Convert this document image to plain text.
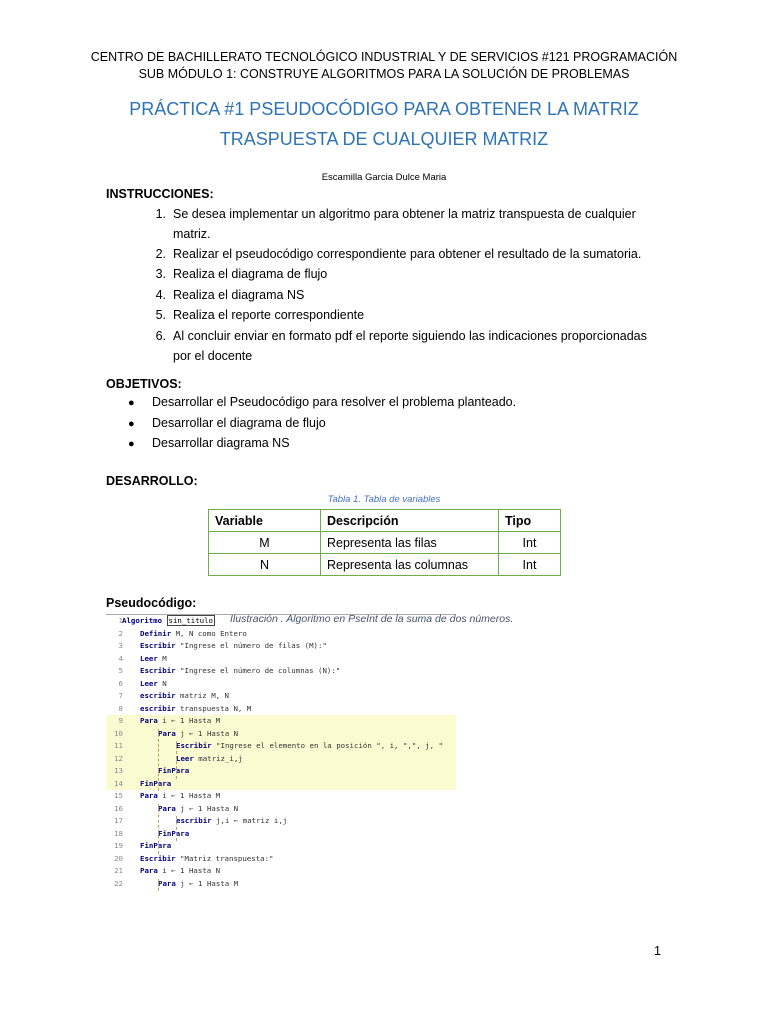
CENTRO DE BACHILLERATO TECNOLÓGICO INDUSTRIAL Y DE SERVICIOS #121 PROGRAMACIÓN
SUB MÓDULO 1: CONSTRUYE ALGORITMOS PARA LA SOLUCIÓN DE PROBLEMAS
PRÁCTICA #1 PSEUDOCÓDIGO PARA OBTENER LA MATRIZ
TRASPUESTA DE CUALQUIER MATRIZ
Escamilla Garcia Dulce Maria
INSTRUCCIONES:
1. Se desea implementar un algoritmo para obtener la matriz transpuesta de cualquier
matriz.
2. Realizar el pseudocódigo correspondiente para obtener el resultado de la sumatoria.
3. Realiza el diagrama de flujo
4. Realiza el diagrama NS
5. Realiza el reporte correspondiente
6. Al concluir enviar en formato pdf el reporte siguiendo las indicaciones proporcionadas
por el docente
OBJETIVOS:
● Desarrollar el Pseudocódigo para resolver el problema planteado.
● Desarrollar el diagrama de flujo
● Desarrollar diagrama NS
DESARROLLO:
Tabla 1. Tabla de variables
Variable	Descripción	Tipo
M	Representa las filas	Int
N	Representa las columnas	Int
Pseudocódigo:
1 Algoritmo sin_titulo
2 Definir M, N como Entero
3 Escribir "Ingrese el número de filas (M):"
4 Leer M
5 Escribir "Ingrese el número de columnas (N):"
6 Leer N
7 escribir matriz M, N
8 escribir transpuesta N, M
9 Para i ← 1 Hasta M
10	Para j ← 1 Hasta N
11	Escribir "Ingrese el elemento en la posición ", i, ",", j, "
12	Leer matriz_i,j
13	FinPara
14 FinPara
15 Para i ← 1 Hasta M
16	Para j ← 1 Hasta N
17	escribir j,i ← matriz i,j
18	FinPara
19 FinPara
20 Escribir "Matriz transpuesta:"
21 Para i ← 1 Hasta N
22	Para j ← 1 Hasta M
Ilustración . Algoritmo en PseInt de la suma de dos números.
1
